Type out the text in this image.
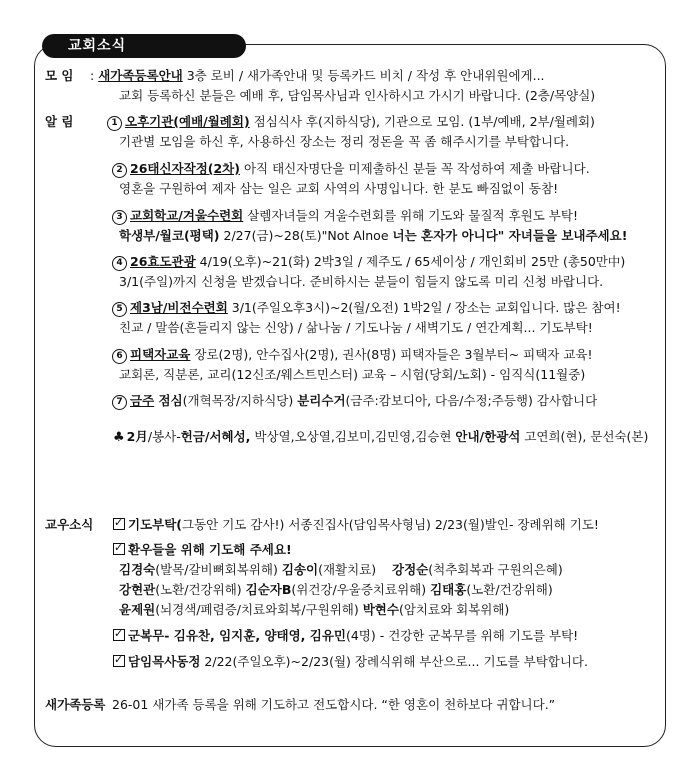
교회소식
모 임 : 새가족등록안내 3층 로비 / 새가족안내 및 등록카드 비치 / 작성 후 안내위원에게...
교회 등록하신 분들은 예배 후, 담임목사님과 인사하시고 가시기 바랍니다. (2층/목양실)
알 림	1 오후기관(예배/월례회) 점심식사 후(지하식당), 기관으로 모임. (1부/예배, 2부/월례회)
기관별 모임을 하신 후, 사용하신 장소는 정리 정돈을 꼭 좀 해주시기를 부탁합니다.
2 26태신자작정(2차) 아직 태신자명단을 미제출하신 분들 꼭 작성하여 제출 바랍니다.
영혼을 구원하여 제자 삼는 일은 교회 사역의 사명입니다. 한 분도 빠짐없이 동참!
3 교회학교/겨울수련회 살렘자녀들의 겨울수련회를 위해 기도와 물질적 후원도 부탁!
학생부/월코(평택) 2/27(금)~28(토)"Not Alnoe 너는 혼자가 아니다" 자녀들을 보내주세요!
4 26효도관광 4/19(오후)~21(화) 2박3일 / 제주도 / 65세이상 / 개인회비 25만 (총50만中)
3/1(주일)까지 신청을 받겠습니다. 준비하시는 분들이 힘들지 않도록 미리 신청 바랍니다.
5 제3남/비전수련회 3/1(주일오후3시)~2(월/오전) 1박2일 / 장소는 교회입니다. 많은 참여!
친교 / 말씀(흔들리지 않는 신앙) / 삶나눔 / 기도나눔 / 새벽기도 / 연간계획... 기도부탁!
6 피택자교육 장로(2명), 안수집사(2명), 권사(8명) 피택자들은 3월부터~ 피택자 교육!
교회론, 직분론, 교리(12신조/웨스트민스터) 교육 – 시험(당회/노회) - 임직식(11월중)
7 금주 점심(개혁목장/지하식당) 분리수거(금주:캄보디아, 다음/수정;주등행) 감사합니다
♣ 2月/봉사-헌금/서혜성, 박상열,오상열,김보미,김민영,김승현 안내/한광석 고연희(현), 문선숙(본)
교우소식
✓	기도부탁(그동안 기도 감사!) 서종진집사(담임목사형님) 2/23(월)발인- 장례위해 기도!
✓환우들을 위해 기도해 주세요!
김경숙(발목/갈비뼈회복위해) 김송이(재활치료)    강정순(척추회복과 구원의은혜)
강현관(노환/건강위해) 김순자B(위건강/우울증치료위해) 김태홍(노환/건강위해)
윤제원(뇌경색/폐렴증/치료와회복/구원위해) 박현수(암치료와 회복위해)
✓군복무- 김유찬, 임지훈, 양태영, 김유민(4명) - 건강한 군복무를 위해 기도를 부탁!
✓담임목사동정 2/22(주일오후)~2/23(월) 장례식위해 부산으로... 기도를 부탁합니다.
새가족등록 26-01 새가족 등록을 위해 기도하고 전도합시다. “한 영혼이 천하보다 귀합니다.”
